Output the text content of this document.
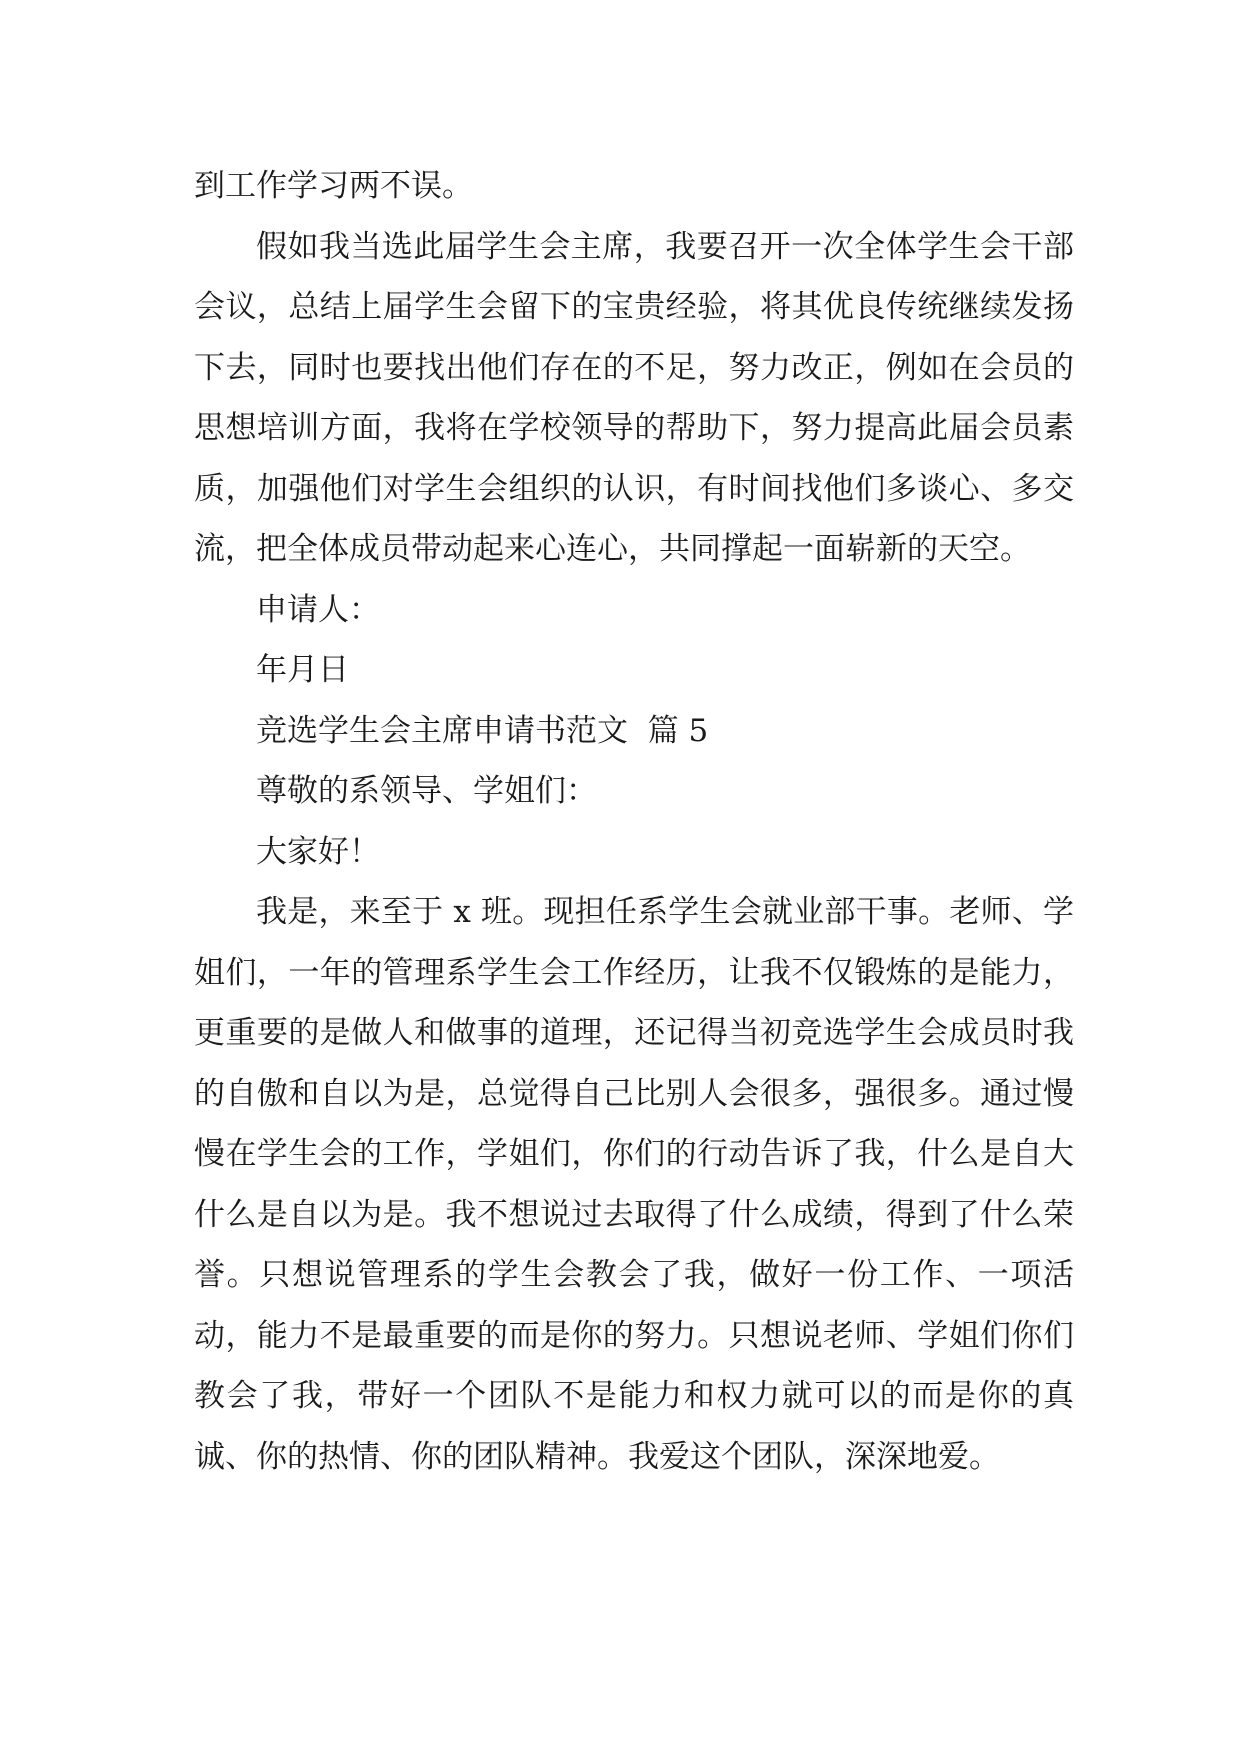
到工作学习两不误。

假如我当选此届学生会主席，我要召开一次全体学生会干部会议，总结上届学生会留下的宝贵经验，将其优良传统继续发扬下去，同时也要找出他们存在的不足，努力改正，例如在会员的思想培训方面，我将在学校领导的帮助下，努力提高此届会员素质，加强他们对学生会组织的认识，有时间找他们多谈心、多交流，把全体成员带动起来心连心，共同撑起一面崭新的天空。

申请人：

年月日

竞选学生会主席申请书范文  篇 5

尊敬的系领导、学姐们：

大家好！

我是，来至于 x 班。现担任系学生会就业部干事。老师、学姐们，一年的管理系学生会工作经历，让我不仅锻炼的是能力，更重要的是做人和做事的道理，还记得当初竞选学生会成员时我的自傲和自以为是，总觉得自己比别人会很多，强很多。通过慢慢在学生会的工作，学姐们，你们的行动告诉了我，什么是自大什么是自以为是。我不想说过去取得了什么成绩，得到了什么荣誉。只想说管理系的学生会教会了我，做好一份工作、一项活动，能力不是最重要的而是你的努力。只想说老师、学姐们你们教会了我，带好一个团队不是能力和权力就可以的而是你的真诚、你的热情、你的团队精神。我爱这个团队，深深地爱。
